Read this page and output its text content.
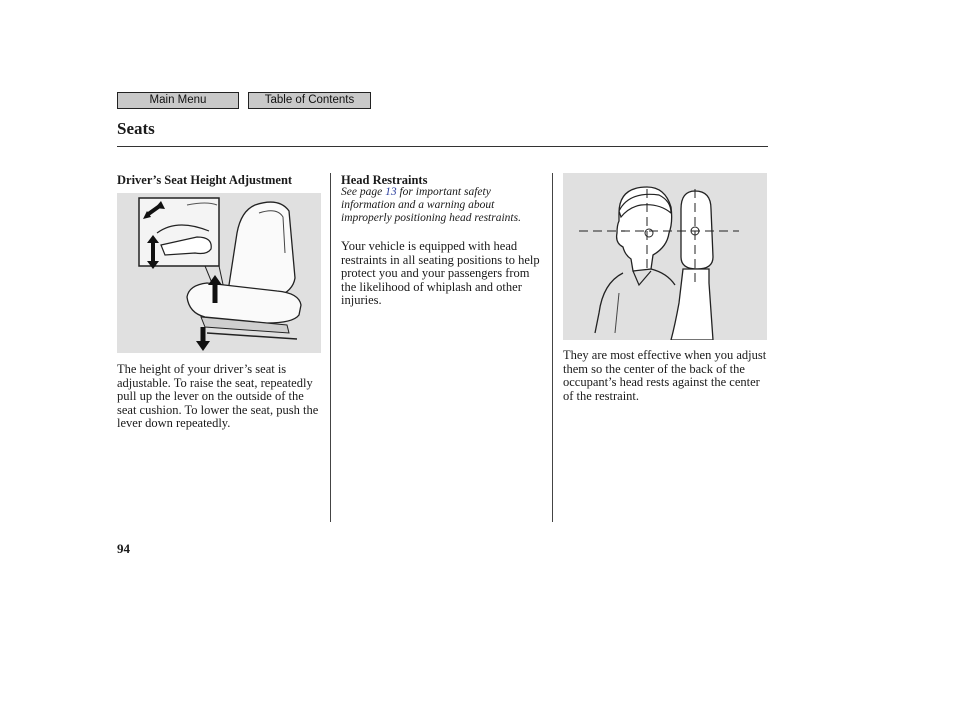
Main Menu	Table of Contents
Seats
Driver’s Seat Height Adjustment
The height of your driver’s seat is adjustable. To raise the seat, repeatedly pull up the lever on the outside of the seat cushion. To lower the seat, push the lever down repeatedly.
Head Restraints
See page 13 for important safety information and a warning about improperly positioning head restraints.
Your vehicle is equipped with head restraints in all seating positions to help protect you and your passengers from the likelihood of whiplash and other injuries.
They are most effective when you adjust them so the center of the back of the occupant’s head rests against the center of the restraint.
94
